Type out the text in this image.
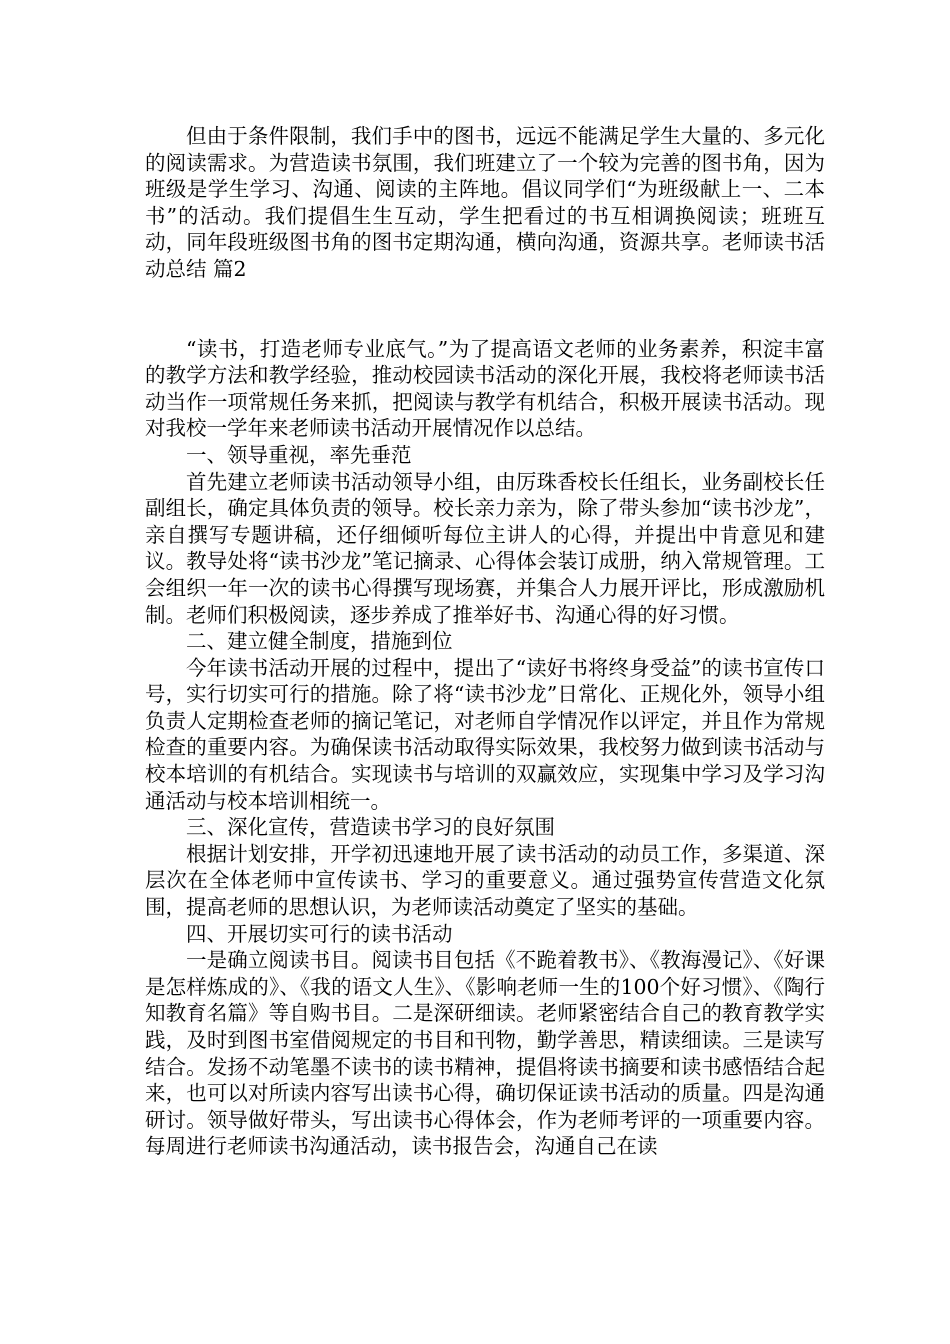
但由于条件限制，我们手中的图书，远远不能满足学生大量的、多元化的阅读需求。为营造读书氛围，我们班建立了一个较为完善的图书角，因为班级是学生学习、沟通、阅读的主阵地。倡议同学们“为班级献上一、二本书”的活动。我们提倡生生互动，学生把看过的书互相调换阅读；班班互动，同年段班级图书角的图书定期沟通，横向沟通，资源共享。老师读书活动总结 篇2

“读书，打造老师专业底气。”为了提高语文老师的业务素养，积淀丰富的教学方法和教学经验，推动校园读书活动的深化开展，我校将老师读书活动当作一项常规任务来抓，把阅读与教学有机结合，积极开展读书活动。现对我校一学年来老师读书活动开展情况作以总结。

一、领导重视，率先垂范

首先建立老师读书活动领导小组，由厉珠香校长任组长，业务副校长任副组长，确定具体负责的领导。校长亲力亲为，除了带头参加“读书沙龙”，亲自撰写专题讲稿，还仔细倾听每位主讲人的心得，并提出中肯意见和建议。教导处将“读书沙龙”笔记摘录、心得体会装订成册，纳入常规管理。工会组织一年一次的读书心得撰写现场赛，并集合人力展开评比，形成激励机制。老师们积极阅读，逐步养成了推举好书、沟通心得的好习惯。

二、建立健全制度，措施到位

今年读书活动开展的过程中，提出了“读好书将终身受益”的读书宣传口号，实行切实可行的措施。除了将“读书沙龙”日常化、正规化外，领导小组负责人定期检查老师的摘记笔记，对老师自学情况作以评定，并且作为常规检查的重要内容。为确保读书活动取得实际效果，我校努力做到读书活动与校本培训的有机结合。实现读书与培训的双赢效应，实现集中学习及学习沟通活动与校本培训相统一。

三、深化宣传，营造读书学习的良好氛围

根据计划安排，开学初迅速地开展了读书活动的动员工作，多渠道、深层次在全体老师中宣传读书、学习的重要意义。通过强势宣传营造文化氛围，提高老师的思想认识，为老师读活动奠定了坚实的基础。

四、开展切实可行的读书活动

一是确立阅读书目。阅读书目包括《不跪着教书》、《教海漫记》、《好课是怎样炼成的》、《我的语文人生》、《影响老师一生的100个好习惯》、《陶行知教育名篇》等自购书目。二是深研细读。老师紧密结合自己的教育教学实践，及时到图书室借阅规定的书目和刊物，勤学善思，精读细读。三是读写结合。发扬不动笔墨不读书的读书精神，提倡将读书摘要和读书感悟结合起来，也可以对所读内容写出读书心得，确切保证读书活动的质量。四是沟通研讨。领导做好带头，写出读书心得体会，作为老师考评的一项重要内容。每周进行老师读书沟通活动，读书报告会，沟通自己在读
